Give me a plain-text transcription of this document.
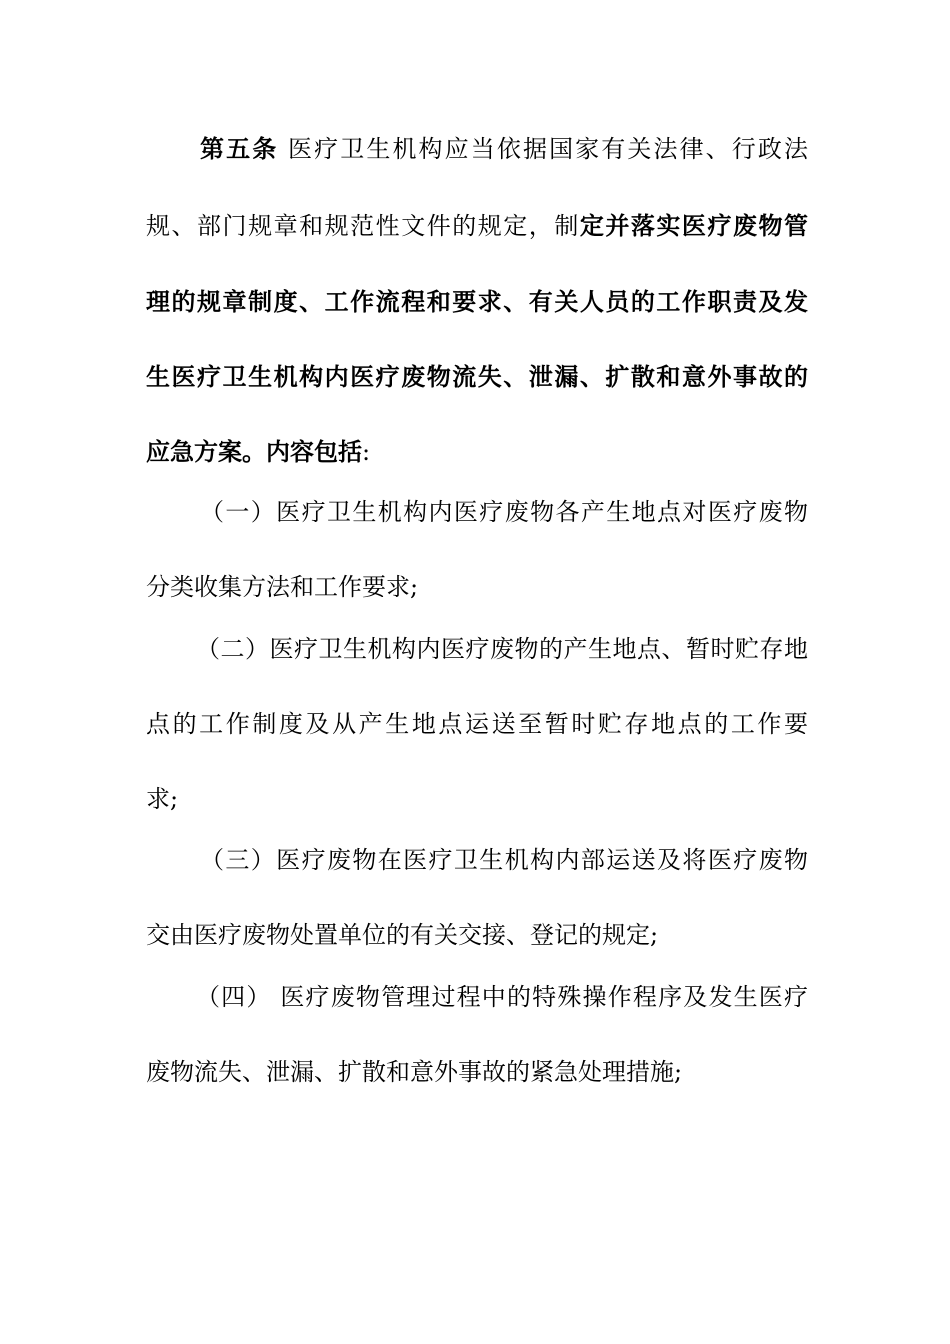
第五条 医疗卫生机构应当依据国家有关法律、行政法
规、部门规章和规范性文件的规定，制定并落实医疗废物管
理的规章制度、工作流程和要求、有关人员的工作职责及发
生医疗卫生机构内医疗废物流失、泄漏、扩散和意外事故的
应急方案。内容包括:
（一）医疗卫生机构内医疗废物各产生地点对医疗废物
分类收集方法和工作要求;
（二）医疗卫生机构内医疗废物的产生地点、暂时贮存地
点的工作制度及从产生地点运送至暂时贮存地点的工作要
求;
（三）医疗废物在医疗卫生机构内部运送及将医疗废物
交由医疗废物处置单位的有关交接、登记的规定;
（四） 医疗废物管理过程中的特殊操作程序及发生医疗
废物流失、泄漏、扩散和意外事故的紧急处理措施;
